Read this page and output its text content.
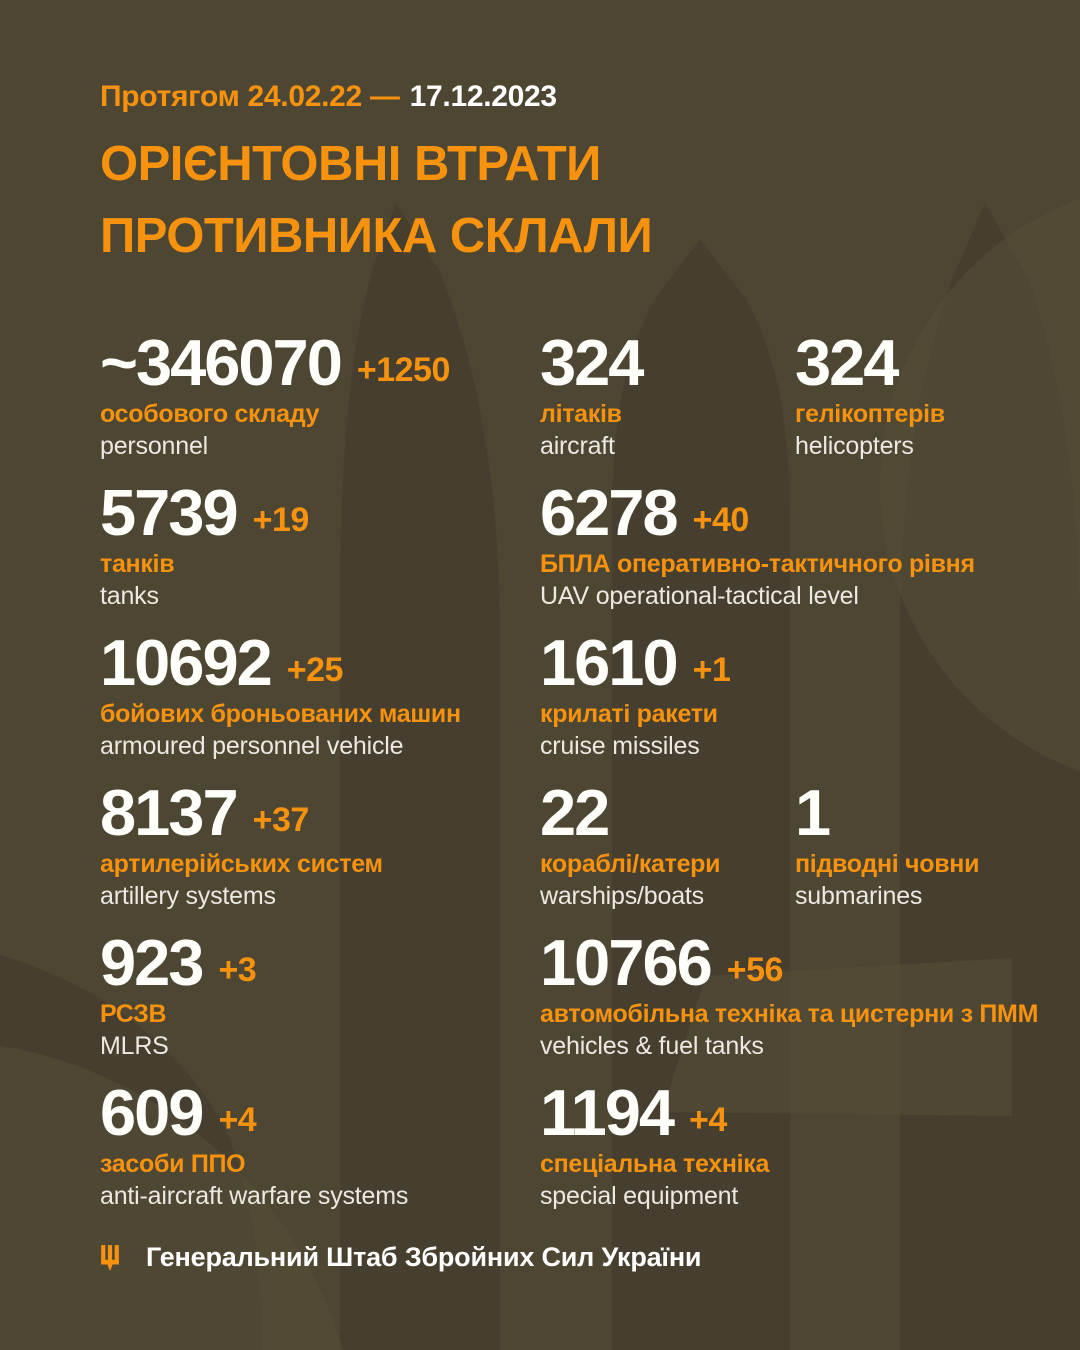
Протягом 24.02.22 — 17.12.2023
ОРІЄНТОВНІ ВТРАТИ
ПРОТИВНИКА СКЛАЛИ
~346070 +1250
особового складу
personnel
324
літаків
aircraft
324
гелікоптерів
helicopters
5739 +19
танків
tanks
6278 +40
БПЛА оперативно-тактичного рівня
UAV operational-tactical level
10692 +25
бойових броньованих машин
armoured personnel vehicle
1610 +1
крилаті ракети
cruise missiles
8137 +37
артилерійських систем
artillery systems
22
кораблі/катери
warships/boats
1
підводні човни
submarines
923 +3
РСЗВ
MLRS
10766 +56
автомобільна техніка та цистерни з ПММ
vehicles & fuel tanks
609 +4
засоби ППО
anti-aircraft warfare systems
1194 +4
спеціальна техніка
special equipment
Генеральний Штаб Збройних Сил України
